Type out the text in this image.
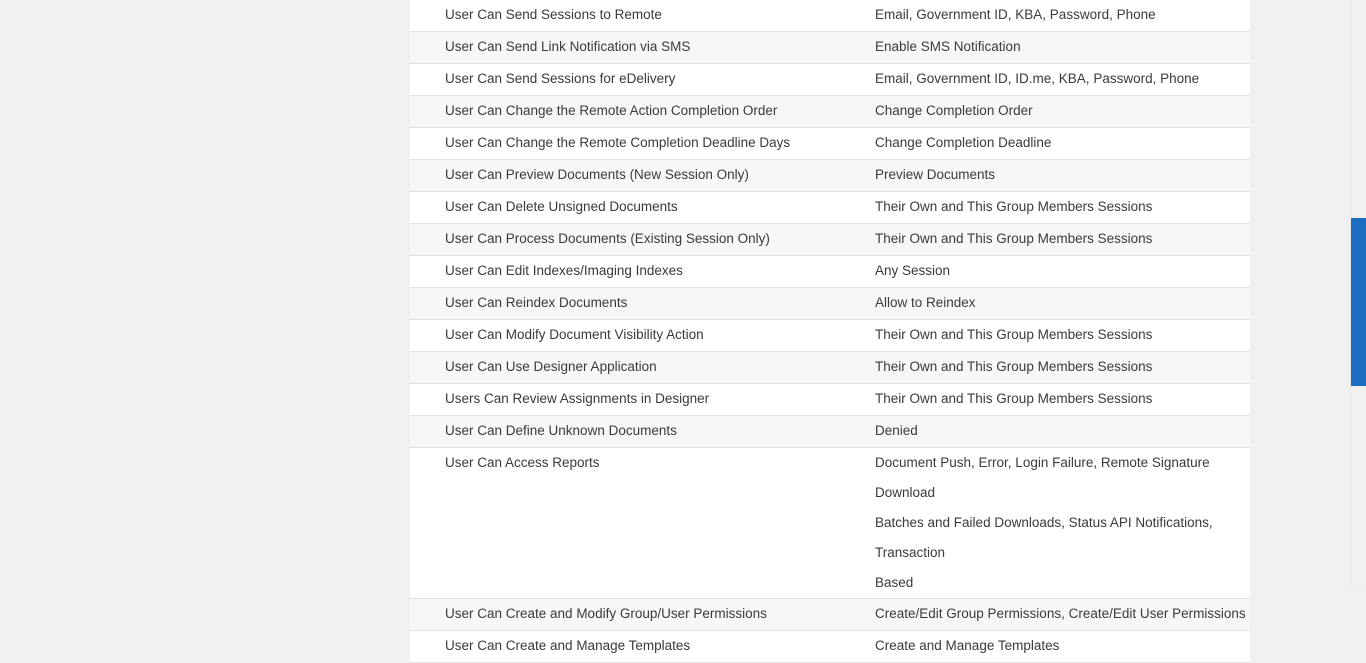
User Can Send Sessions to Remote	Email, Government ID, KBA, Password, Phone

User Can Send Link Notification via SMS	Enable SMS Notification

User Can Send Sessions for eDelivery	Email, Government ID, ID.me, KBA, Password, Phone

User Can Change the Remote Action Completion Order	Change Completion Order

User Can Change the Remote Completion Deadline Days	Change Completion Deadline

User Can Preview Documents (New Session Only)	Preview Documents

User Can Delete Unsigned Documents	Their Own and This Group Members Sessions

User Can Process Documents (Existing Session Only)	Their Own and This Group Members Sessions

User Can Edit Indexes/Imaging Indexes	Any Session

User Can Reindex Documents	Allow to Reindex

User Can Modify Document Visibility Action	Their Own and This Group Members Sessions

User Can Use Designer Application	Their Own and This Group Members Sessions

Users Can Review Assignments in Designer	Their Own and This Group Members Sessions

User Can Define Unknown Documents	Denied

User Can Access Reports	Document Push, Error, Login Failure, Remote Signature Download
Batches and Failed Downloads, Status API Notifications, Transaction
Based

User Can Create and Modify Group/User Permissions	Create/Edit Group Permissions, Create/Edit User Permissions

User Can Create and Manage Templates	Create and Manage Templates
